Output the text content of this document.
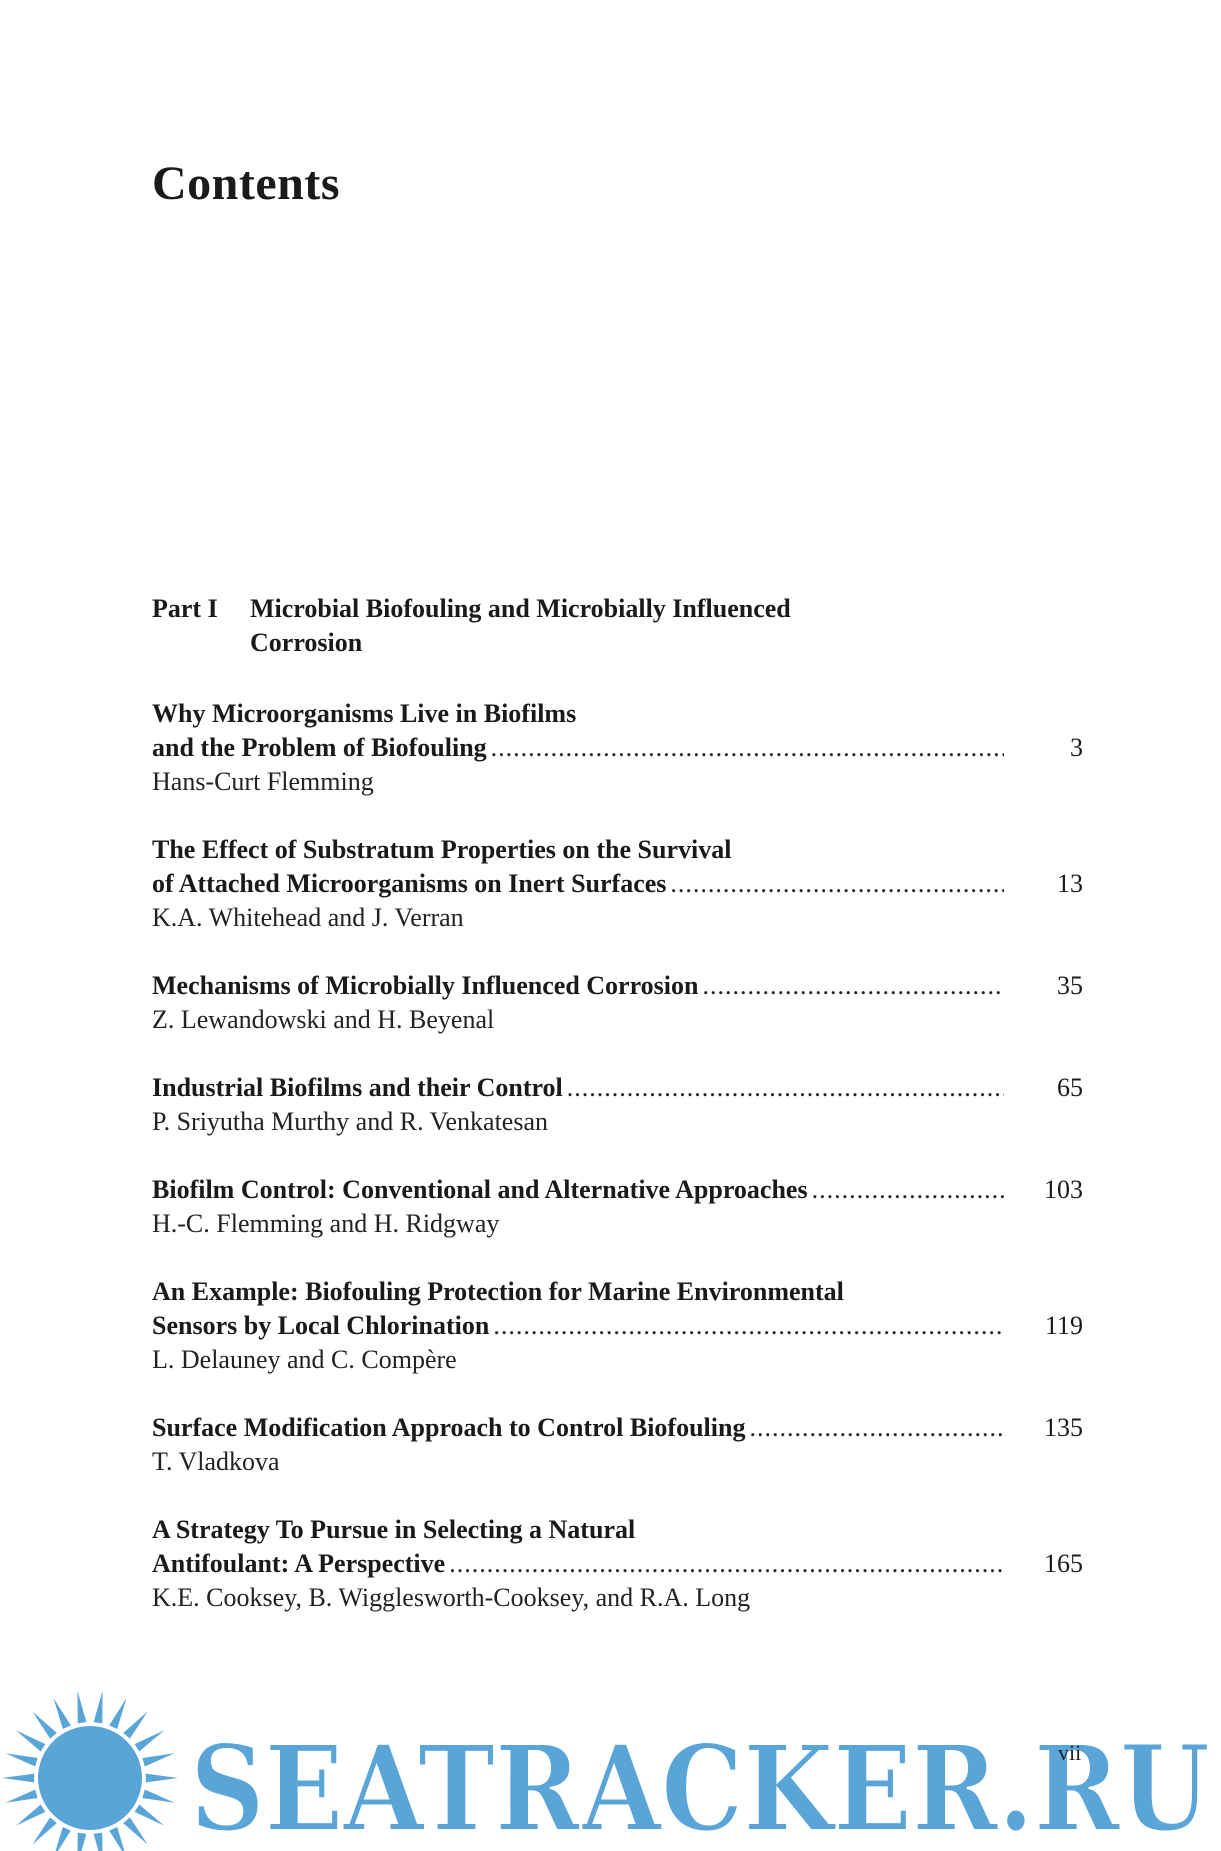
Contents
Part I	Microbial Biofouling and Microbially Influenced Corrosion
Why Microorganisms Live in Biofilms
and the Problem of Biofouling .....	3
Hans-Curt Flemming
The Effect of Substratum Properties on the Survival
of Attached Microorganisms on Inert Surfaces .....	13
K.A. Whitehead and J. Verran
Mechanisms of Microbially Influenced Corrosion .....	35
Z. Lewandowski and H. Beyenal
Industrial Biofilms and their Control .....	65
P. Sriyutha Murthy and R. Venkatesan
Biofilm Control: Conventional and Alternative Approaches .....	103
H.-C. Flemming and H. Ridgway
An Example: Biofouling Protection for Marine Environmental
Sensors by Local Chlorination .....	119
L. Delauney and C. Compère
Surface Modification Approach to Control Biofouling .....	135
T. Vladkova
A Strategy To Pursue in Selecting a Natural
Antifoulant: A Perspective .....	165
K.E. Cooksey, B. Wigglesworth-Cooksey, and R.A. Long
SEATRACKER.RU
vii
